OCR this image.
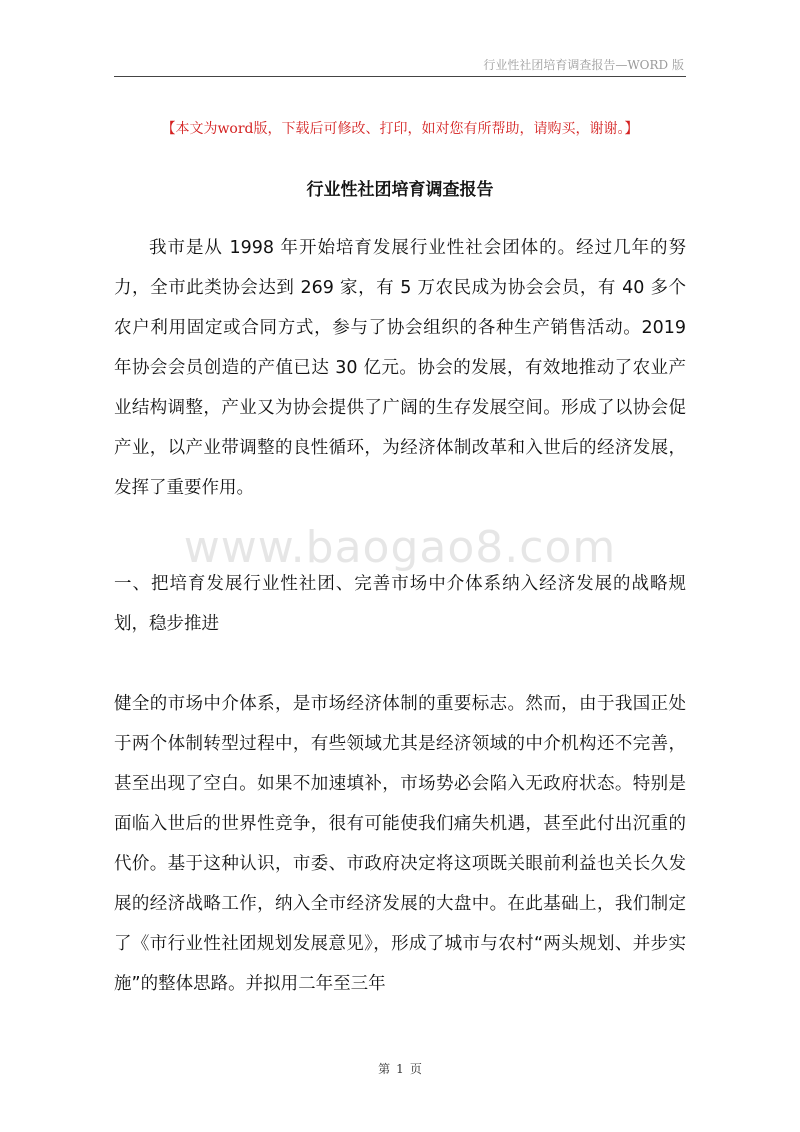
行业性社团培育调查报告—WORD 版
【本文为word版，下载后可修改、打印，如对您有所帮助，请购买，谢谢。】
行业性社团培育调查报告

我市是从 1998 年开始培育发展行业性社会团体的。经过几年的努力，全市此类协会达到 269 家，有 5 万农民成为协会会员，有 40 多个农户利用固定或合同方式，参与了协会组织的各种生产销售活动。2019 年协会会员创造的产值已达 30 亿元。协会的发展，有效地推动了农业产业结构调整，产业又为协会提供了广阔的生存发展空间。形成了以协会促产业，以产业带调整的良性循环，为经济体制改革和入世后的经济发展，发挥了重要作用。

www.baogao8.com

一、把培育发展行业性社团、完善市场中介体系纳入经济发展的战略规划，稳步推进

健全的市场中介体系，是市场经济体制的重要标志。然而，由于我国正处于两个体制转型过程中，有些领域尤其是经济领域的中介机构还不完善，甚至出现了空白。如果不加速填补，市场势必会陷入无政府状态。特别是面临入世后的世界性竞争，很有可能使我们痛失机遇，甚至此付出沉重的代价。基于这种认识，市委、市政府决定将这项既关眼前利益也关长久发展的经济战略工作，纳入全市经济发展的大盘中。在此基础上，我们制定了《市行业性社团规划发展意见》，形成了城市与农村“两头规划、并步实施”的整体思路。并拟用二年至三年

第 1 页
